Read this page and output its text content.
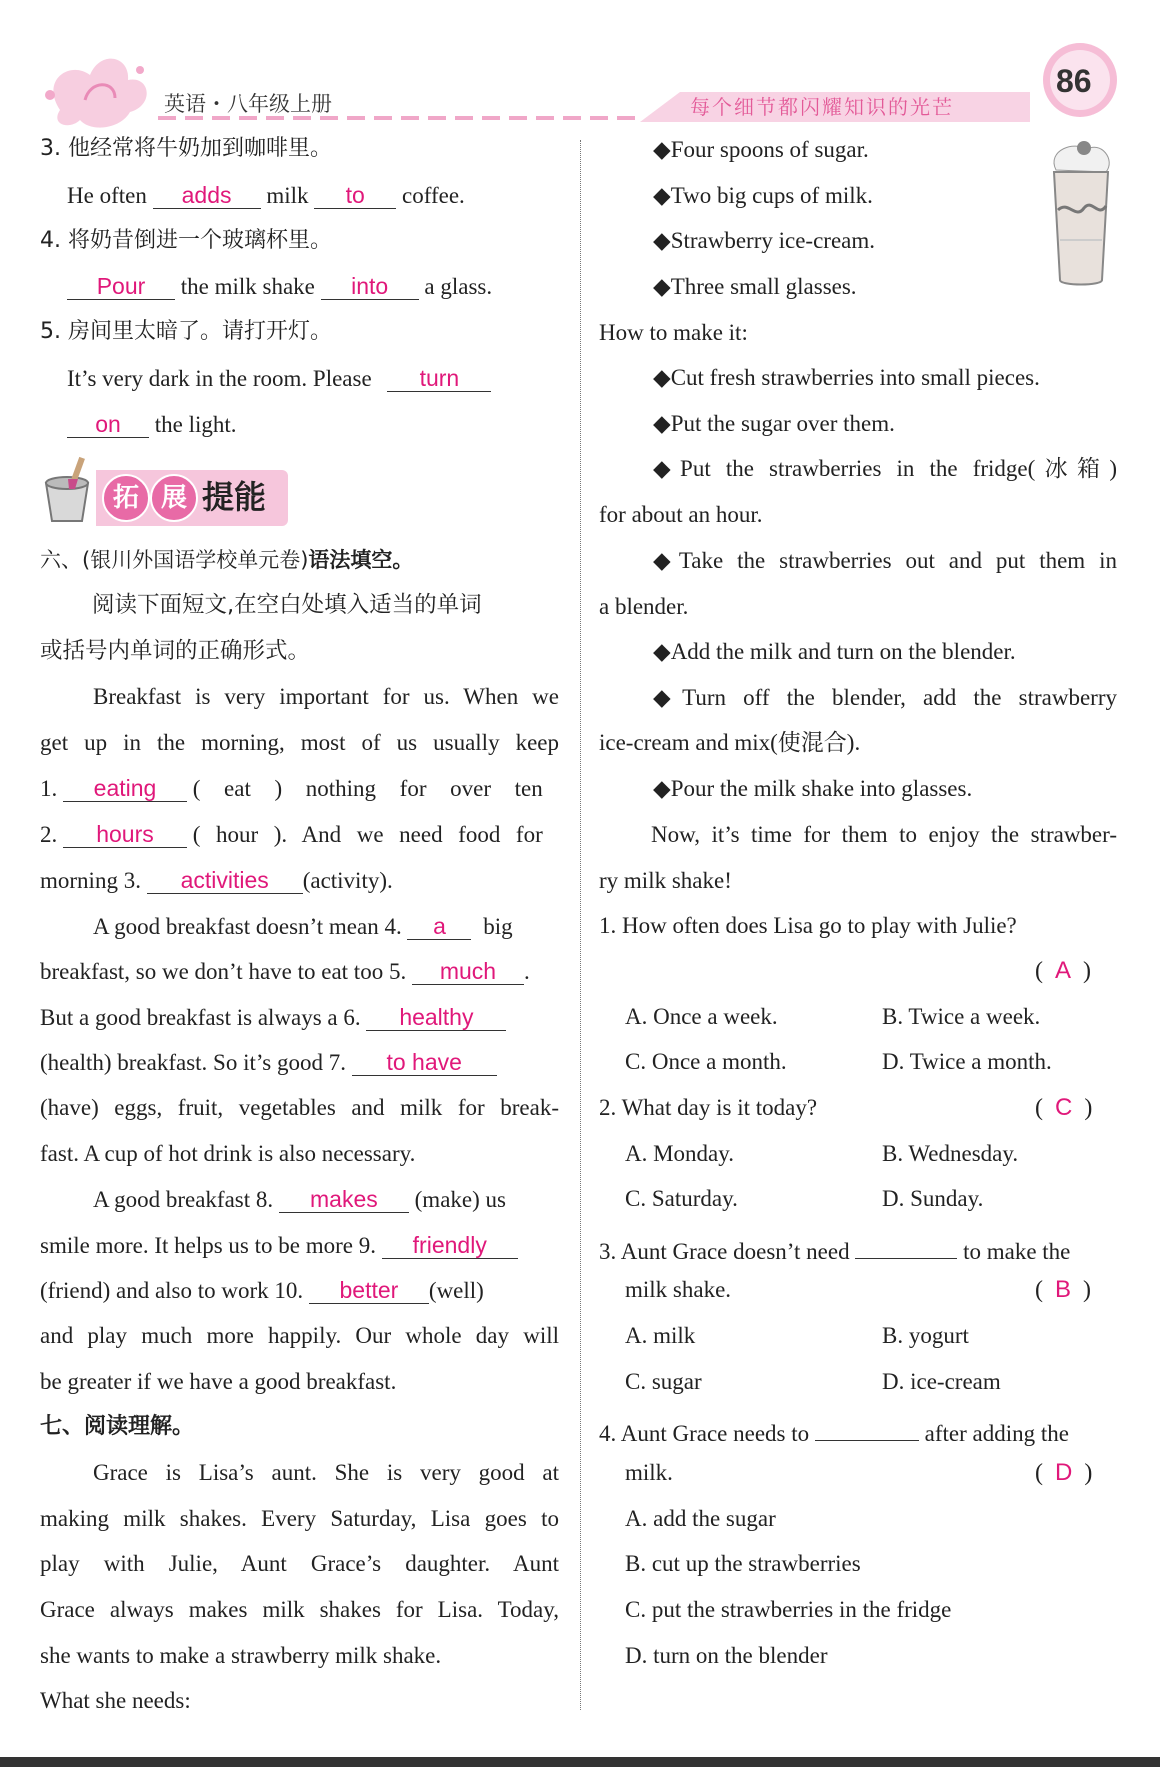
英语・八年级上册	每个细节都闪耀知识的光芒
86
3. 他经常将牛奶加到咖啡里。
He often adds milk to coffee.
4. 将奶昔倒进一个玻璃杯里。
Pour the milk shake into a glass.
5. 房间里太暗了。请打开灯。
It’s very dark in the room. Please turn
on the light.
拓 展 提能
六、(银川外国语学校单元卷)语法填空。
阅读下面短文,在空白处填入适当的单词
或括号内单词的正确形式。
Breakfast is very important for us. When we
get up in the morning, most of us usually keep
1. eating ( eat ) nothing for over ten
2. hours ( hour ). And we need food for
morning 3. activities (activity).
A good breakfast doesn’t mean 4. a big
breakfast, so we don’t have to eat too 5. much .
But a good breakfast is always a 6. healthy
(health) breakfast. So it’s good 7. to have
(have) eggs, fruit, vegetables and milk for break-
fast. A cup of hot drink is also necessary.
A good breakfast 8. makes (make) us
smile more. It helps us to be more 9. friendly
(friend) and also to work 10. better (well)
and play much more happily. Our whole day will
be greater if we have a good breakfast.
七、阅读理解。
Grace is Lisa’s aunt. She is very good at
making milk shakes. Every Saturday, Lisa goes to
play with Julie, Aunt Grace’s daughter. Aunt
Grace always makes milk shakes for Lisa. Today,
she wants to make a strawberry milk shake.
What she needs:
◆Four spoons of sugar.
◆Two big cups of milk.
◆Strawberry ice-cream.
◆Three small glasses.
How to make it:
◆Cut fresh strawberries into small pieces.
◆Put the sugar over them.
◆Put the strawberries in the fridge(冰箱)
for about an hour.
◆Take the strawberries out and put them in
a blender.
◆Add the milk and turn on the blender.
◆Turn off the blender, add the strawberry
ice-cream and mix(使混合).
◆Pour the milk shake into glasses.
Now, it’s time for them to enjoy the strawber-
ry milk shake!
1. How often does Lisa go to play with Julie?
( A )
A. Once a week.	B. Twice a week.
C. Once a month.	D. Twice a month.
2. What day is it today?	( C )
A. Monday.	B. Wednesday.
C. Saturday.	D. Sunday.
3. Aunt Grace doesn’t need	to make the
milk shake.	( B )
A. milk	B. yogurt
C. sugar	D. ice-cream
4. Aunt Grace needs to	after adding the
milk.	( D )
A. add the sugar
B. cut up the strawberries
C. put the strawberries in the fridge
D. turn on the blender
